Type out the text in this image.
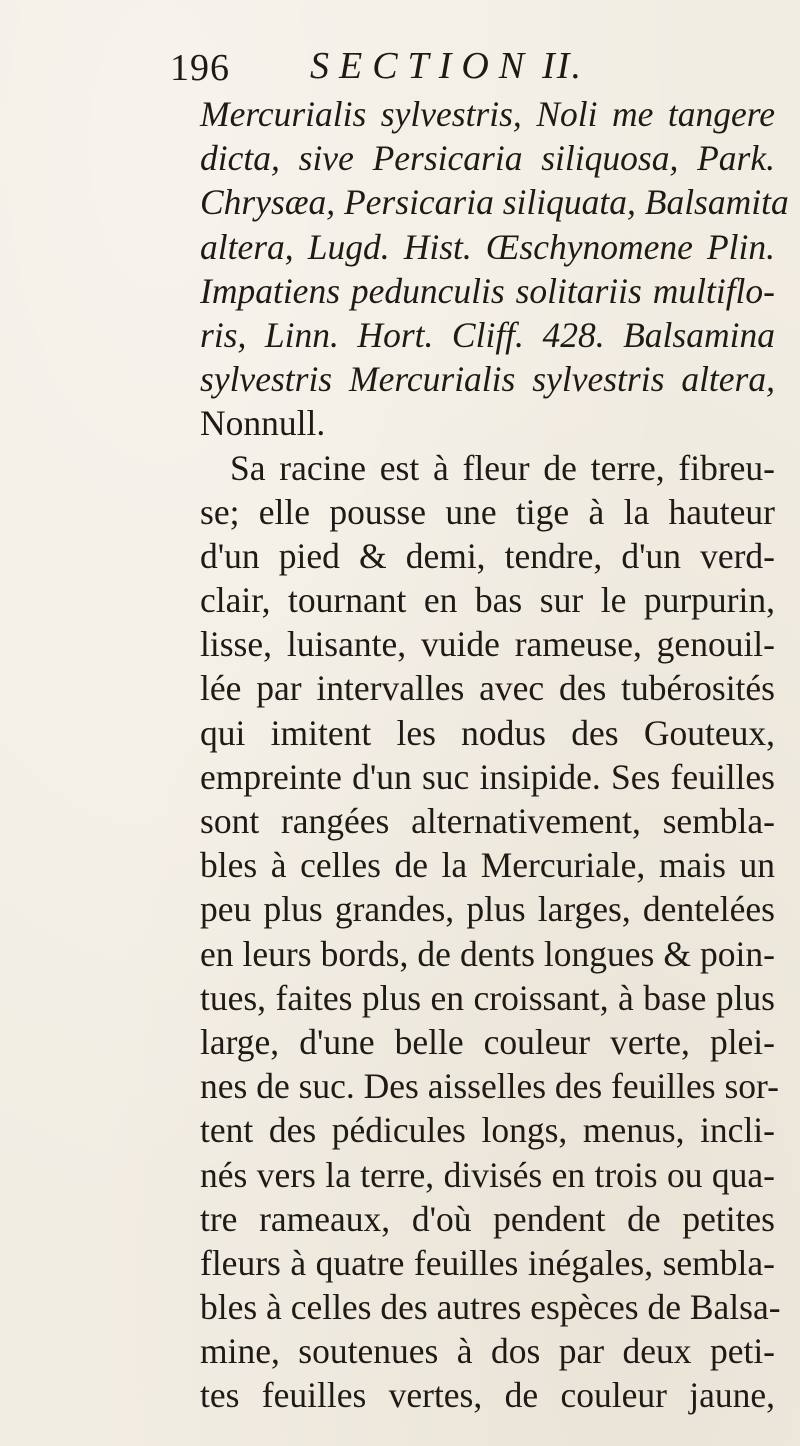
196 SECTION II.
Mercurialis sylvestris, Noli me tangere
dicta, sive Persicaria siliquosa, Park.
Chrysæa, Persicaria siliquata, Balsamita
altera, Lugd. Hist. Œschynomene Plin.
Impatiens pedunculis solitariis multiflo-
ris, Linn. Hort. Cliff. 428. Balsamina
sylvestris Mercurialis sylvestris altera,
Nonnull.
Sa racine est à fleur de terre, fibreu-
se; elle pousse une tige à la hauteur
d'un pied & demi, tendre, d'un verd-
clair, tournant en bas sur le purpurin,
lisse, luisante, vuide rameuse, genouil-
lée par intervalles avec des tubérosités
qui imitent les nodus des Gouteux,
empreinte d'un suc insipide. Ses feuilles
sont rangées alternativement, sembla-
bles à celles de la Mercuriale, mais un
peu plus grandes, plus larges, dentelées
en leurs bords, de dents longues & poin-
tues, faites plus en croissant, à base plus
large, d'une belle couleur verte, plei-
nes de suc. Des aisselles des feuilles sor-
tent des pédicules longs, menus, incli-
nés vers la terre, divisés en trois ou qua-
tre rameaux, d'où pendent de petites
fleurs à quatre feuilles inégales, sembla-
bles à celles des autres espèces de Balsa-
mine, soutenues à dos par deux peti-
tes feuilles vertes, de couleur jaune,
